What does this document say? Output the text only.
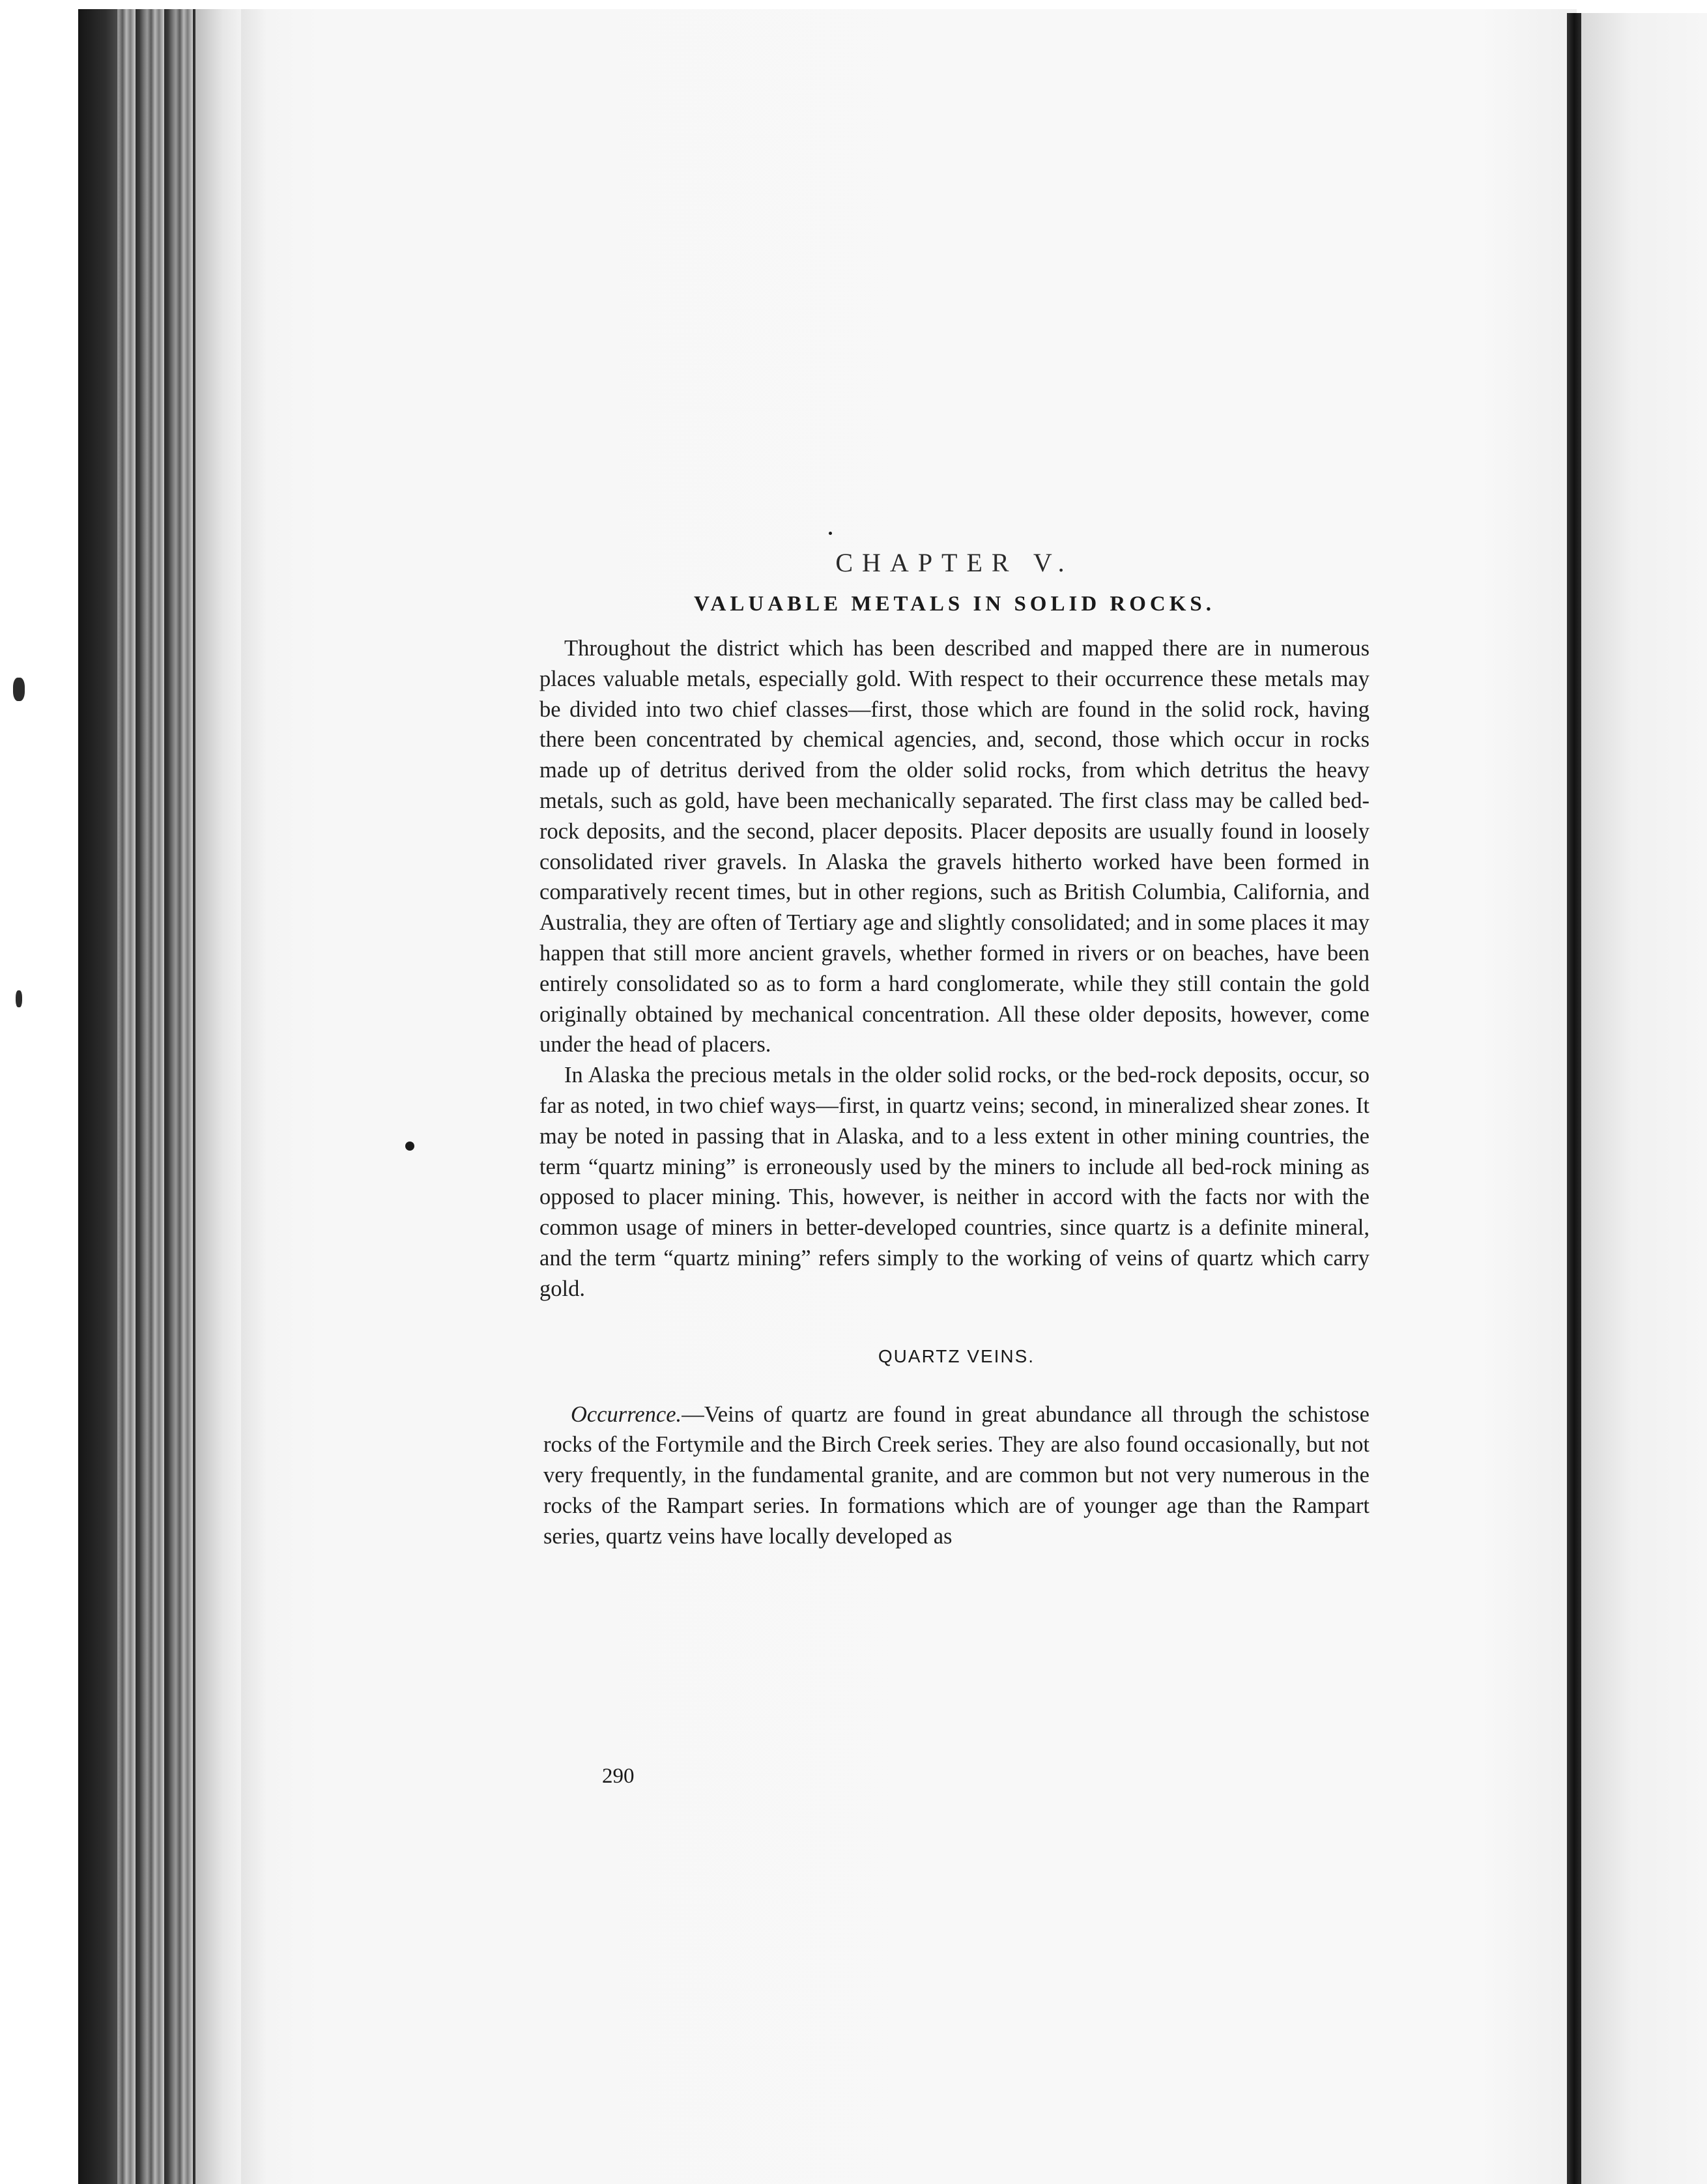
CHAPTER V.
VALUABLE METALS IN SOLID ROCKS.

Throughout the district which has been described and mapped there are in numerous places valuable metals, especially gold. With respect to their occurrence these metals may be divided into two chief classes—first, those which are found in the solid rock, having there been concentrated by chemical agencies, and, second, those which occur in rocks made up of detritus derived from the older solid rocks, from which detritus the heavy metals, such as gold, have been mechanically separated. The first class may be called bed-rock deposits, and the second, placer deposits. Placer deposits are usually found in loosely consolidated river gravels. In Alaska the gravels hitherto worked have been formed in comparatively recent times, but in other regions, such as British Columbia, California, and Australia, they are often of Tertiary age and slightly consolidated; and in some places it may happen that still more ancient gravels, whether formed in rivers or on beaches, have been entirely consolidated so as to form a hard conglomerate, while they still contain the gold originally obtained by mechanical concentration. All these older deposits, however, come under the head of placers.

In Alaska the precious metals in the older solid rocks, or the bed-rock deposits, occur, so far as noted, in two chief ways—first, in quartz veins; second, in mineralized shear zones. It may be noted in passing that in Alaska, and to a less extent in other mining countries, the term “quartz mining” is erroneously used by the miners to include all bed-rock mining as opposed to placer mining. This, however, is neither in accord with the facts nor with the common usage of miners in better-developed countries, since quartz is a definite mineral, and the term “quartz mining” refers simply to the working of veins of quartz which carry gold.

QUARTZ VEINS.

Occurrence.—Veins of quartz are found in great abundance all through the schistose rocks of the Fortymile and the Birch Creek series. They are also found occasionally, but not very frequently, in the fundamental granite, and are common but not very numerous in the rocks of the Rampart series. In formations which are of younger age than the Rampart series, quartz veins have locally developed as

290
